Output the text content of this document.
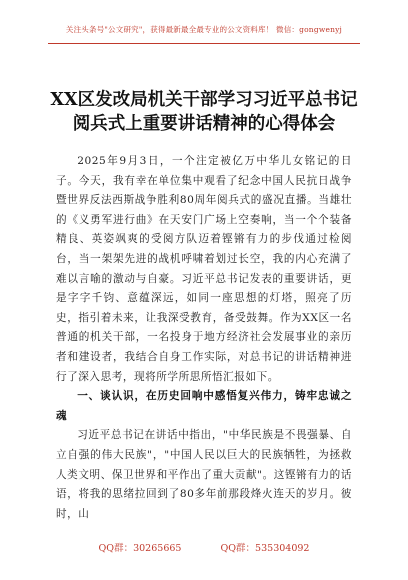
关注头条号"公文研究"，获得最新最全最专业的公文资料库！ 微信：gongwenyj
XX区发改局机关干部学习习近平总书记
阅兵式上重要讲话精神的心得体会

2025年9月3日，一个注定被亿万中华儿女铭记的日子。今天，我有幸在单位集中观看了纪念中国人民抗日战争暨世界反法西斯战争胜利80周年阅兵式的盛况直播。当雄壮的《义勇军进行曲》在天安门广场上空奏响，当一个个装备精良、英姿飒爽的受阅方队迈着铿锵有力的步伐通过检阅台，当一架架先进的战机呼啸着划过长空，我的内心充满了难以言喻的激动与自豪。习近平总书记发表的重要讲话，更是字字千钧、意蕴深远，如同一座思想的灯塔，照亮了历史，指引着未来，让我深受教育，备受鼓舞。作为XX区一名普通的机关干部，一名投身于地方经济社会发展事业的亲历者和建设者，我结合自身工作实际，对总书记的讲话精神进行了深入思考，现将所学所思所悟汇报如下。

一、谈认识，在历史回响中感悟复兴伟力，铸牢忠诚之魂

习近平总书记在讲话中指出，"中华民族是不畏强暴、自立自强的伟大民族"，"中国人民以巨大的民族牺牲，为拯救人类文明、保卫世界和平作出了重大贡献"。这铿锵有力的话语，将我的思绪拉回到了80多年前那段烽火连天的岁月。彼时，山

QQ群：30265665	QQ群：535304092
